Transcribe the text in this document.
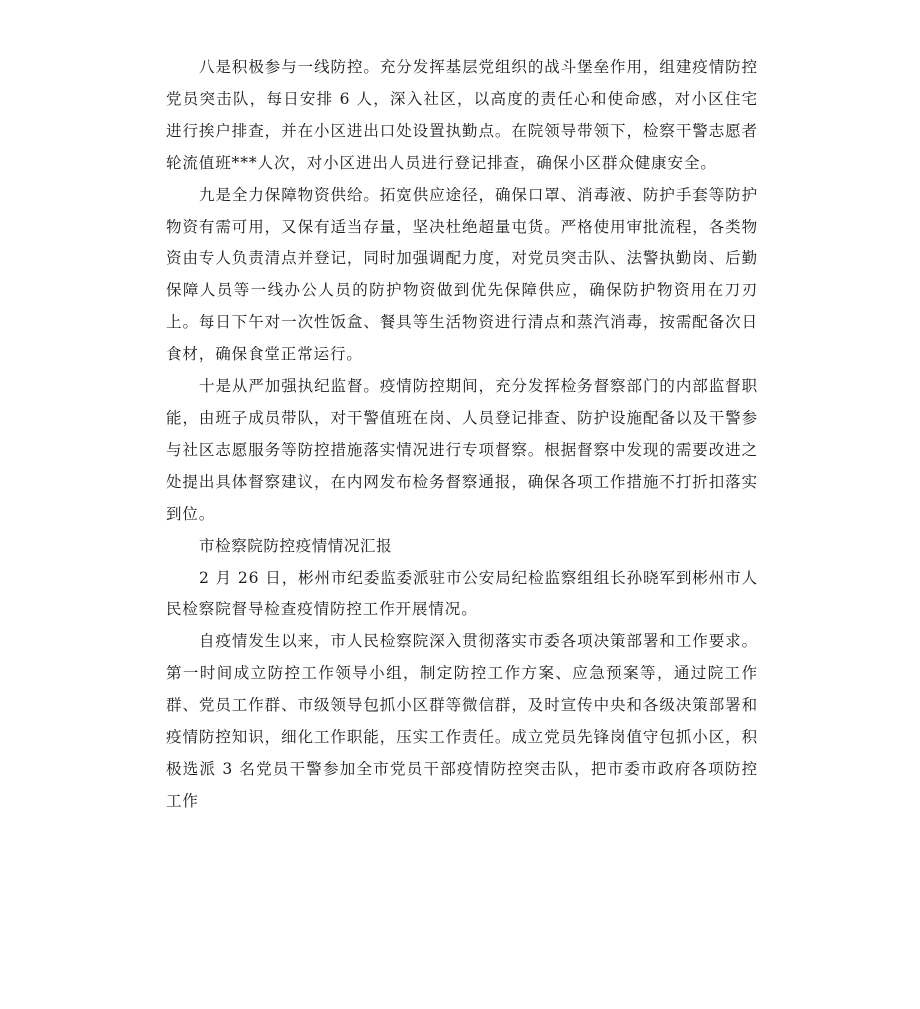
八是积极参与一线防控。充分发挥基层党组织的战斗堡垒作用，组建疫情防控党员突击队，每日安排 6 人，深入社区，以高度的责任心和使命感，对小区住宅进行挨户排查，并在小区进出口处设置执勤点。在院领导带领下，检察干警志愿者轮流值班***人次，对小区进出人员进行登记排查，确保小区群众健康安全。

九是全力保障物资供给。拓宽供应途径，确保口罩、消毒液、防护手套等防护物资有需可用，又保有适当存量，坚决杜绝超量屯货。严格使用审批流程，各类物资由专人负责清点并登记，同时加强调配力度，对党员突击队、法警执勤岗、后勤保障人员等一线办公人员的防护物资做到优先保障供应，确保防护物资用在刀刃上。每日下午对一次性饭盒、餐具等生活物资进行清点和蒸汽消毒，按需配备次日食材，确保食堂正常运行。

十是从严加强执纪监督。疫情防控期间，充分发挥检务督察部门的内部监督职能，由班子成员带队，对干警值班在岗、人员登记排查、防护设施配备以及干警参与社区志愿服务等防控措施落实情况进行专项督察。根据督察中发现的需要改进之处提出具体督察建议，在内网发布检务督察通报，确保各项工作措施不打折扣落实到位。

市检察院防控疫情情况汇报

2 月 26 日，彬州市纪委监委派驻市公安局纪检监察组组长孙晓军到彬州市人民检察院督导检查疫情防控工作开展情况。

自疫情发生以来，市人民检察院深入贯彻落实市委各项决策部署和工作要求。第一时间成立防控工作领导小组，制定防控工作方案、应急预案等，通过院工作群、党员工作群、市级领导包抓小区群等微信群，及时宣传中央和各级决策部署和疫情防控知识，细化工作职能，压实工作责任。成立党员先锋岗值守包抓小区，积极选派 3 名党员干警参加全市党员干部疫情防控突击队，把市委市政府各项防控工作
